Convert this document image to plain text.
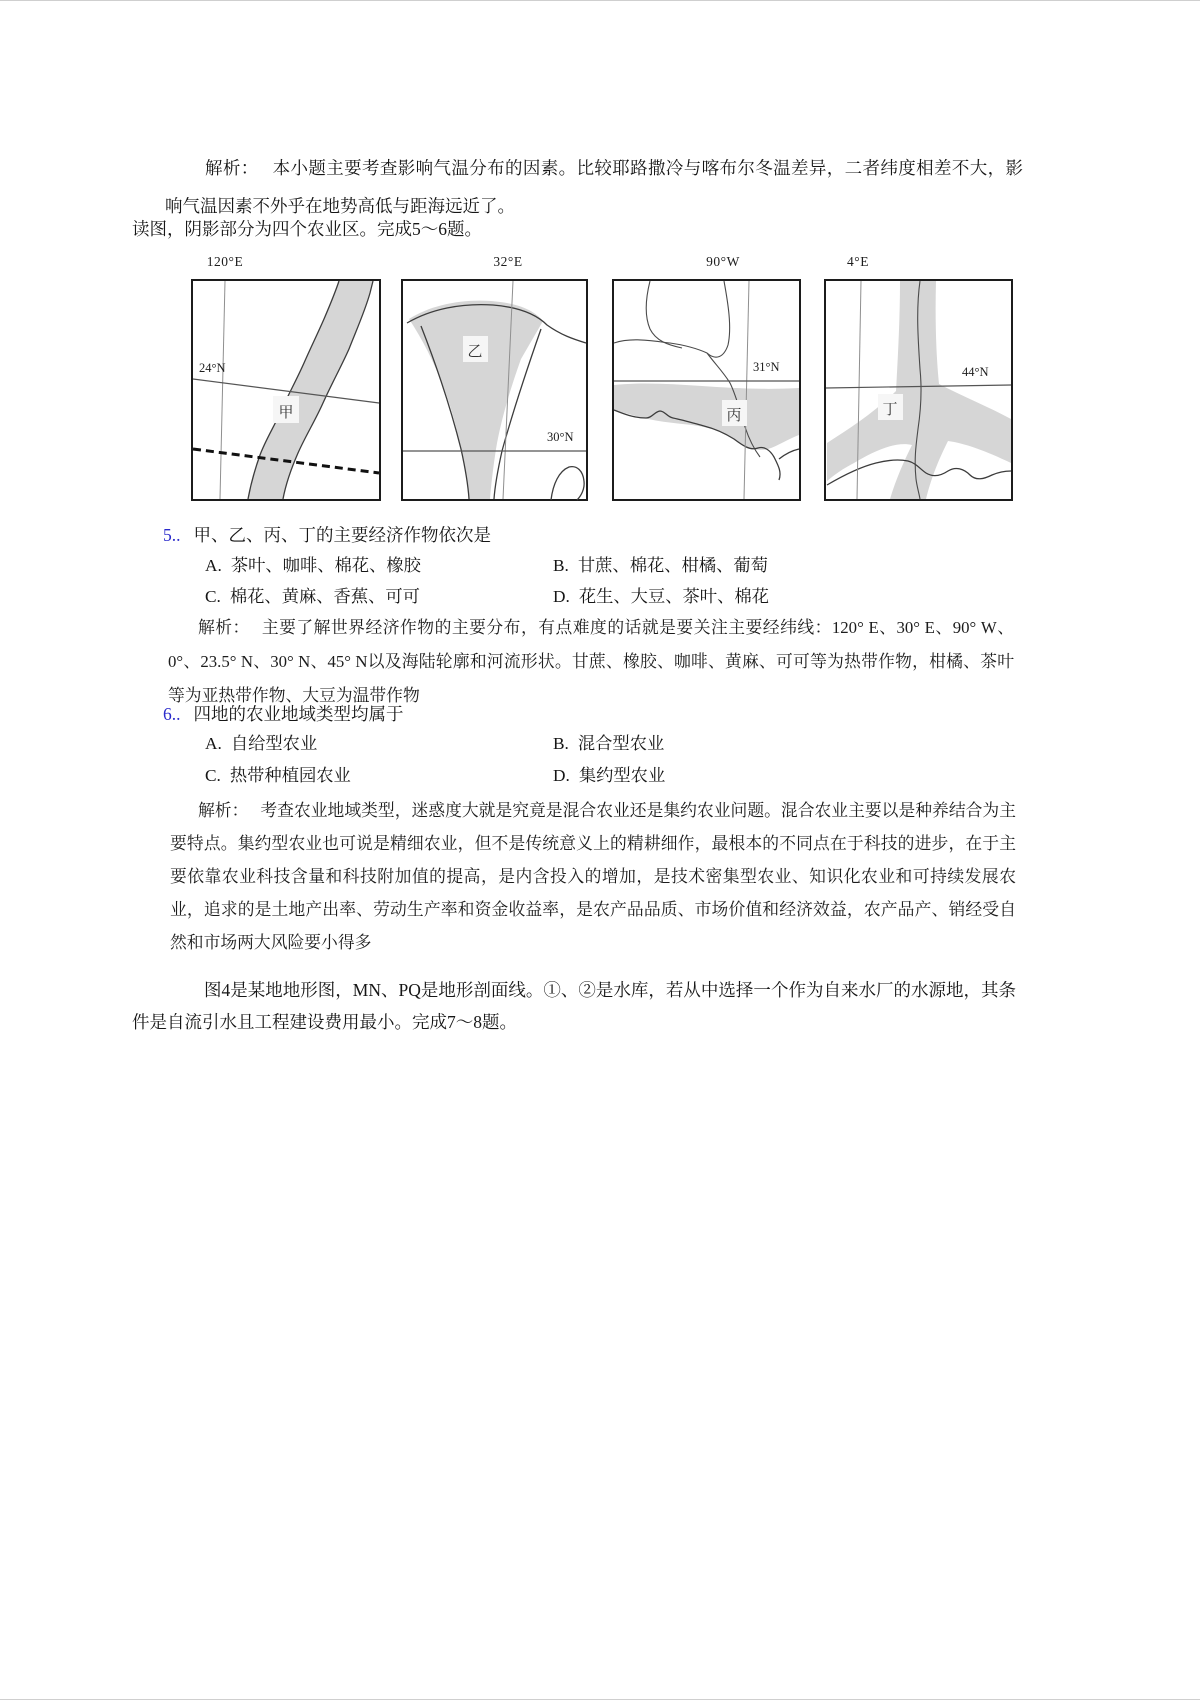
解析： 本小题主要考查影响气温分布的因素。比较耶路撒冷与喀布尔冬温差异，二者纬度相差不大，影响气温因素不外乎在地势高低与距海远近了。

读图，阴影部分为四个农业区。完成5～6题。

120°E	32°E	90°W	4°E
24°N
甲
30°N
乙
31°N
丙
44°N
丁
5.. 甲、乙、丙、丁的主要经济作物依次是
A. 茶叶、咖啡、棉花、橡胶	B. 甘蔗、棉花、柑橘、葡萄
C. 棉花、黄麻、香蕉、可可	D. 花生、大豆、茶叶、棉花
解析： 主要了解世界经济作物的主要分布，有点难度的话就是要关注主要经纬线：120° E、30° E、90° W、0°、23.5° N、30° N、45° N以及海陆轮廓和河流形状。甘蔗、橡胶、咖啡、黄麻、可可等为热带作物，柑橘、茶叶等为亚热带作物、大豆为温带作物
6.. 四地的农业地域类型均属于
A. 自给型农业	B. 混合型农业
C. 热带种植园农业	D. 集约型农业
解析： 考查农业地域类型，迷惑度大就是究竟是混合农业还是集约农业问题。混合农业主要以是种养结合为主要特点。集约型农业也可说是精细农业，但不是传统意义上的精耕细作，最根本的不同点在于科技的进步，在于主要依靠农业科技含量和科技附加值的提高，是内含投入的增加，是技术密集型农业、知识化农业和可持续发展农业，追求的是土地产出率、劳动生产率和资金收益率，是农产品品质、市场价值和经济效益，农产品产、销经受自然和市场两大风险要小得多

图4是某地地形图，MN、PQ是地形剖面线。①、②是水库，若从中选择一个作为自来水厂的水源地，其条件是自流引水且工程建设费用最小。完成7～8题。
